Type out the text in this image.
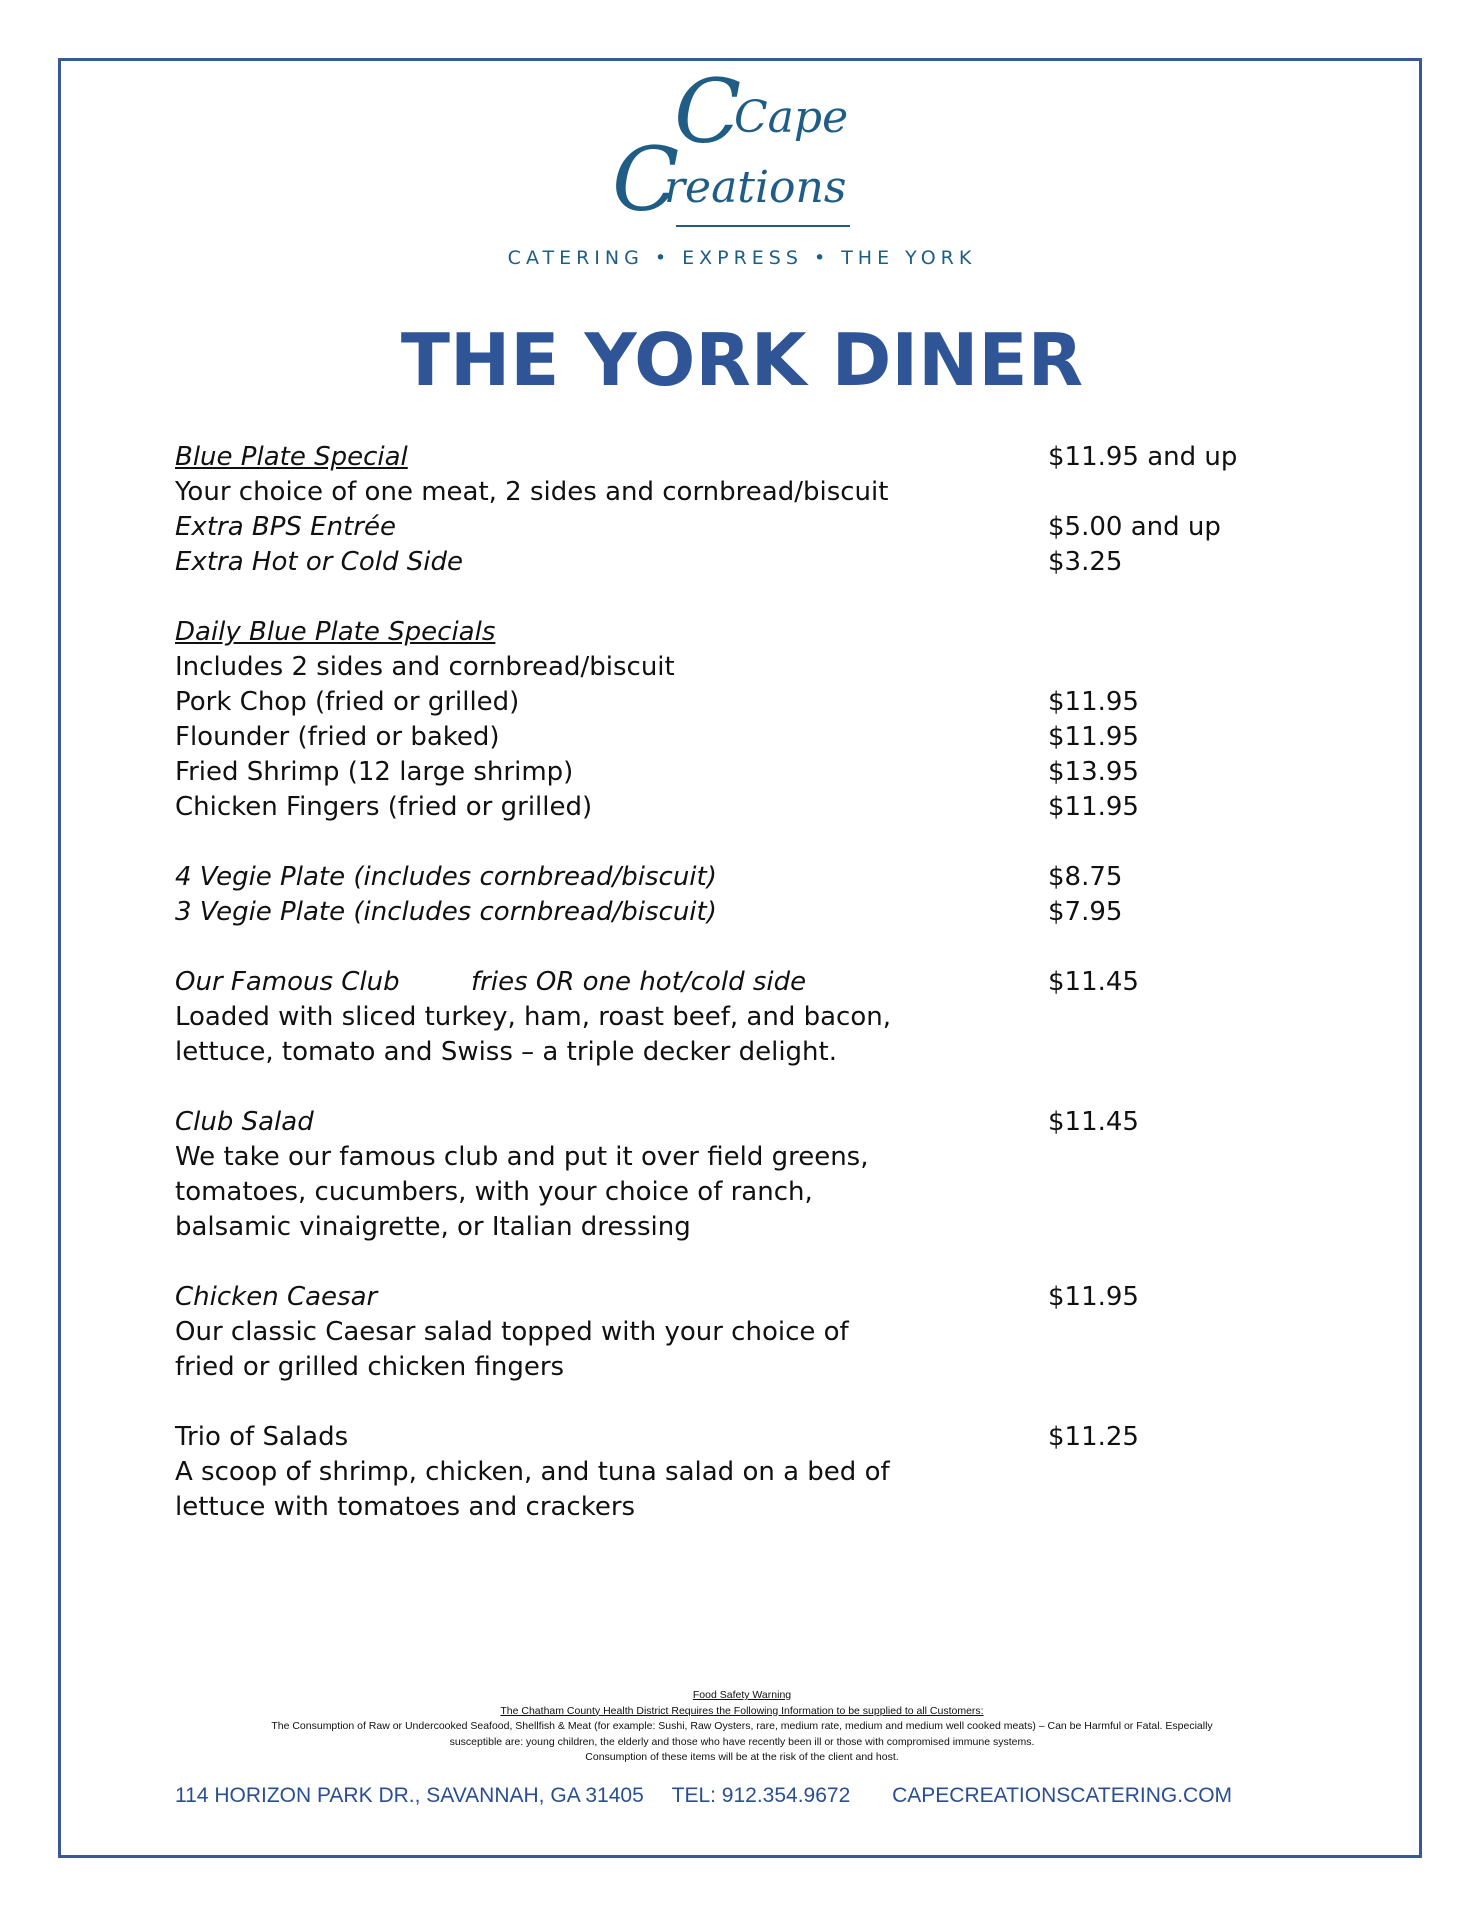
C
Cape
C
reations
CATERING • EXPRESS • THE YORK
THE YORK DINER
Blue Plate Special	$11.95 and up
Your choice of one meat, 2 sides and cornbread/biscuit
Extra BPS Entrée	$5.00 and up
Extra Hot or Cold Side	$3.25
Daily Blue Plate Specials
Includes 2 sides and cornbread/biscuit
Pork Chop (fried or grilled)	$11.95
Flounder (fried or baked)	$11.95
Fried Shrimp (12 large shrimp)	$13.95
Chicken Fingers (fried or grilled)	$11.95
4 Vegie Plate (includes cornbread/biscuit)	$8.75
3 Vegie Plate (includes cornbread/biscuit)	$7.95
Our Famous Club	fries OR one hot/cold side	$11.45
Loaded with sliced turkey, ham, roast beef, and bacon,
lettuce, tomato and Swiss – a triple decker delight.
Club Salad	$11.45
We take our famous club and put it over field greens,
tomatoes, cucumbers, with your choice of ranch,
balsamic vinaigrette, or Italian dressing
Chicken Caesar	$11.95
Our classic Caesar salad topped with your choice of
fried or grilled chicken fingers
Trio of Salads	$11.25
A scoop of shrimp, chicken, and tuna salad on a bed of
lettuce with tomatoes and crackers
Food Safety Warning
The Chatham County Health District Requires the Following Information to be supplied to all Customers:
The Consumption of Raw or Undercooked Seafood, Shellfish & Meat (for example: Sushi, Raw Oysters, rare, medium rate, medium and medium well cooked meats) – Can be Harmful or Fatal. Especially
susceptible are: young children, the elderly and those who have recently been ill or those with compromised immune systems.
Consumption of these items will be at the risk of the client and host.
114 HORIZON PARK DR., SAVANNAH, GA 31405 TEL: 912.354.9672 CAPECREATIONSCATERING.COM
